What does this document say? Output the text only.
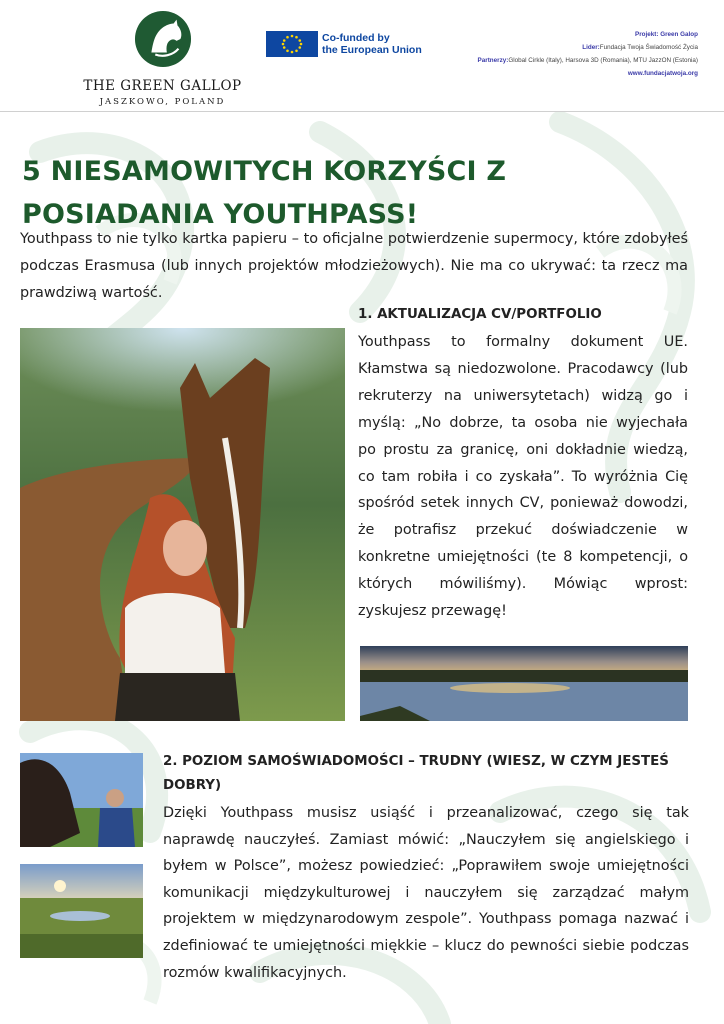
THE GREEN GALLOP
JASZKOWO, POLAND
Co-funded by
the European Union
Projekt: Green Galop
Lider:Fundacja Twoja Świadomość Życia
Partnerzy:Global Cirkle (Italy), Harsova 3D (Romania), MTU JazzON (Estonia)
www.fundacjatwoja.org
5 NIESAMOWITYCH KORZYŚCI Z
POSIADANIA YOUTHPASS!

Youthpass to nie tylko kartka papieru – to oficjalne potwierdzenie supermocy, które zdobyłeś podczas Erasmusa (lub innych projektów młodzieżowych). Nie ma co ukrywać: ta rzecz ma prawdziwą wartość.

1. AKTUALIZACJA CV/PORTFOLIO

Youthpass to formalny dokument UE. Kłamstwa są niedozwolone. Pracodawcy (lub rekruterzy na uniwersytetach) widzą go i myślą: „No dobrze, ta osoba nie wyjechała po prostu za granicę, oni dokładnie wiedzą, co tam robiła i co zyskała”. To wyróżnia Cię spośród setek innych CV, ponieważ dowodzi, że potrafisz przekuć doświadczenie w konkretne umiejętności (te 8 kompetencji, o których mówiliśmy). Mówiąc wprost: zyskujesz przewagę!

2. POZIOM SAMOŚWIADOMOŚCI – TRUDNY (WIESZ, W CZYM JESTEŚ DOBRY)

Dzięki Youthpass musisz usiąść i przeanalizować, czego się tak naprawdę nauczyłeś. Zamiast mówić: „Nauczyłem się angielskiego i byłem w Polsce”, możesz powiedzieć: „Poprawiłem swoje umiejętności komunikacji międzykulturowej i nauczyłem się zarządzać małym projektem w międzynarodowym zespole”. Youthpass pomaga nazwać i zdefiniować te umiejętności miękkie – klucz do pewności siebie podczas rozmów kwalifikacyjnych.
